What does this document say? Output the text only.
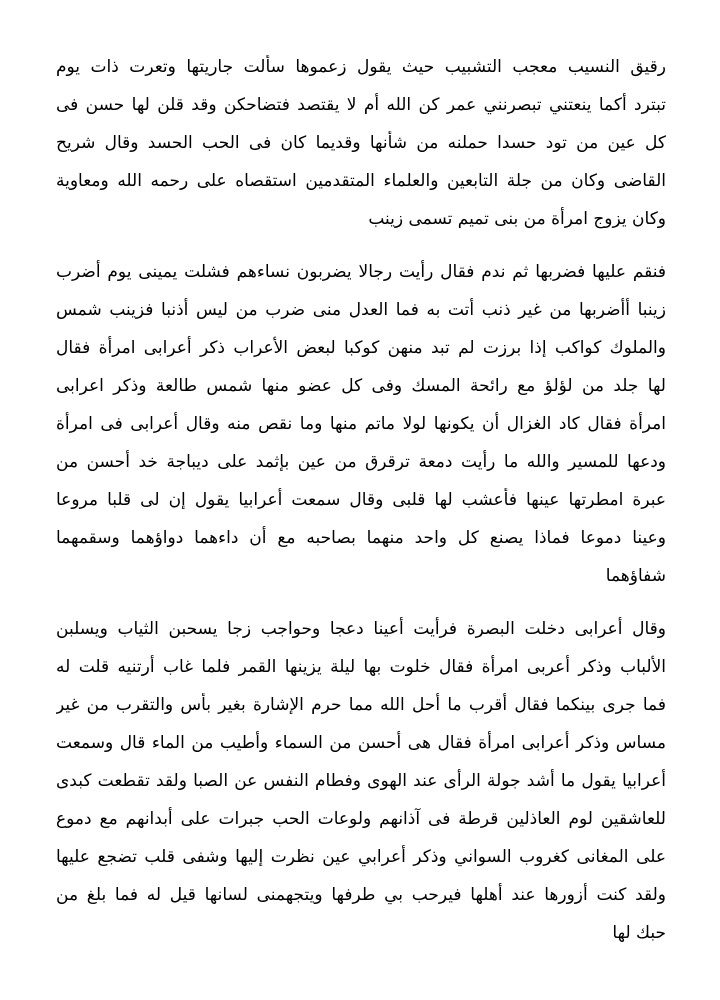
رقيق النسيب معجب التشبيب حيث يقول زعموها سألت جاريتها وتعرت ذات يوم
تبترد أكما ينعتني تبصرنني عمر كن الله أم لا يقتصد فتضاحكن وقد قلن لها حسن فى
كل عين من تود حسدا حملنه من شأنها وقديما كان فى الحب الحسد وقال شريح
القاضى وكان من جلة التابعين والعلماء المتقدمين استقصاه على رحمه الله ومعاوية
وكان يزوج امرأة من بنى تميم تسمى زينب
فنقم عليها فضربها ثم ندم فقال رأيت رجالا يضربون نساءهم فشلت يمينى يوم أضرب
زينبا أأضربها من غير ذنب أتت به فما العدل منى ضرب من ليس أذنبا فزينب شمس
والملوك كواكب إذا برزت لم تبد منهن كوكبا لبعض الأعراب ذكر أعرابى امرأة فقال
لها جلد من لؤلؤ مع رائحة المسك وفى كل عضو منها شمس طالعة وذكر اعرابى
امرأة فقال كاد الغزال أن يكونها لولا ماتم منها وما نقص منه وقال أعرابى فى امرأة
ودعها للمسير والله ما رأيت دمعة ترقرق من عين بإثمد على ديباجة خد أحسن من
عبرة امطرتها عينها فأعشب لها قلبى وقال سمعت أعرابيا يقول إن لى قلبا مروعا
وعينا دموعا فماذا يصنع كل واحد منهما بصاحبه مع أن داءهما دواؤهما وسقمهما
شفاؤهما
وقال أعرابى دخلت البصرة فرأيت أعينا دعجا وحواجب زجا يسحبن الثياب ويسلبن
الألباب وذكر أعربى امرأة فقال خلوت بها ليلة يزينها القمر فلما غاب أرتنيه قلت له
فما جرى بينكما فقال أقرب ما أحل الله مما حرم الإشارة بغير بأس والتقرب من غير
مساس وذكر أعرابى امرأة فقال هى أحسن من السماء وأطيب من الماء قال وسمعت
أعرابيا يقول ما أشد جولة الرأى عند الهوى وفطام النفس عن الصبا ولقد تقطعت كبدى
للعاشقين لوم العاذلين قرطة فى آذانهم ولوعات الحب جبرات على أبدانهم مع دموع
على المغانى كغروب السواني وذكر أعرابي عين نظرت إليها وشفى قلب تضجع عليها
ولقد كنت أزورها عند أهلها فيرحب بي طرفها ويتجهمنى لسانها قيل له فما بلغ من
حبك لها
